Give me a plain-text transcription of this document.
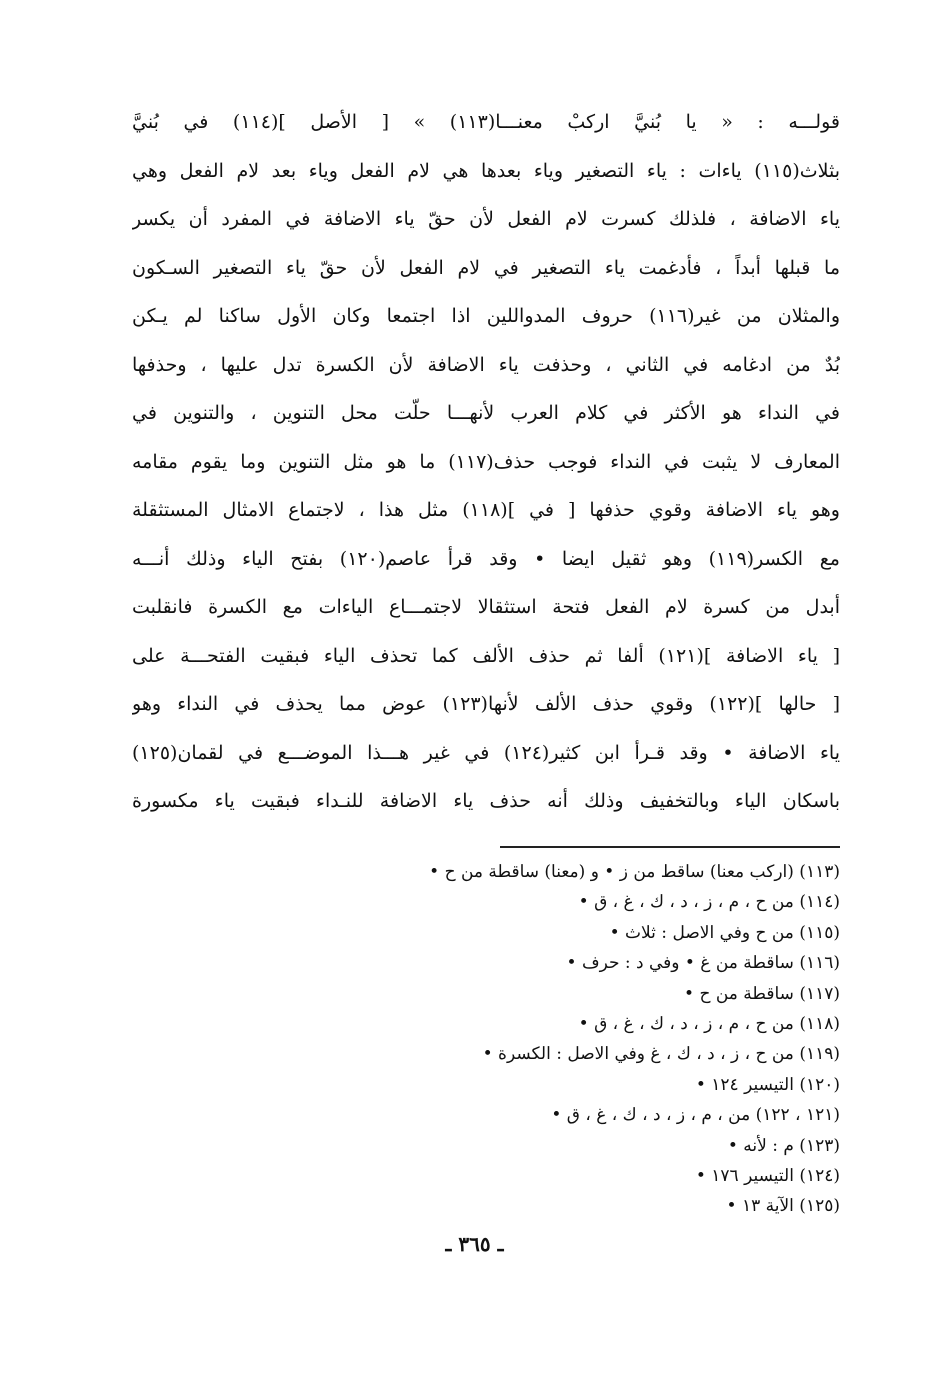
قولـــه : « يا بُنيَّ اركبْ معنـــا(١١٣) » [ الأصل ](١١٤) في بُنيَّ
بثلاث(١١٥) ياءات : ياء التصغير وياء بعدها هي لام الفعل وياء بعد لام الفعل وهي
ياء الاضافة ، فلذلك كسرت لام الفعل لأن حقّ ياء الاضافة في المفرد أن يكسر
ما قبلها أبداً ، فأدغمت ياء التصغير في لام الفعل لأن حقّ ياء التصغير السـكون
والمثلان من غير(١١٦) حروف المدواللين اذا اجتمعا وكان الأول ساكنا لم يـكن
بُدٌ من ادغامه في الثاني ، وحذفت ياء الاضافة لأن الكسرة تدل عليها ، وحذفها
في النداء هو الأكثر في كلام العرب لأنهـــا حلّت محل التنوين ، والتنوين في
المعارف لا يثبت في النداء فوجب حذف(١١٧) ما هو مثل التنوين وما يقوم مقامه
وهو ياء الاضافة وقوي حذفها [ في ](١١٨) مثل هذا ، لاجتماع الامثال المستثقلة
مع الكسر(١١٩) وهو ثقيل ايضا • وقد قرأ عاصم(١٢٠) بفتح الياء وذلك أنـــه
أبدل من كسرة لام الفعل فتحة استثقالا لاجتمـــاع الياءات مع الكسرة فانقلبت
[ ياء الاضافة ](١٢١) ألفا ثم حذف الألف كما تحذف الياء فبقيت الفتحـــة على
[ حالها ](١٢٢) وقوي حذف الألف لأنها(١٢٣) عوض مما يحذف في النداء وهو
ياء الاضافة • وقد قـرأ ابن كثير(١٢٤) في غير هـــذا الموضـــع في لقمان(١٢٥)
باسكان الياء وبالتخفيف وذلك أنه حذف ياء الاضافة للنـداء فبقيت ياء مكسورة
(١١٣) (اركب معنا) ساقط من ز • و (معنا) ساقطة من ح •
(١١٤) من ح ، م ، ز ، د ، ك ، غ ، ق •
(١١٥) من ح وفي الاصل : ثلاث •
(١١٦) ساقطة من غ • وفي د : حرف •
(١١٧) ساقطة من ح •
(١١٨) من ح ، م ، ز ، د ، ك ، غ ، ق •
(١١٩) من ح ، ز ، د ، ك ، غ وفي الاصل : الكسرة •
(١٢٠) التيسير ١٢٤ •
(١٢١ ، ١٢٢) من ، م ، ز ، د ، ك ، غ ، ق •
(١٢٣) م : لأنه •
(١٢٤) التيسير ١٧٦ •
(١٢٥) الآية ١٣ •
ـ ٣٦٥ ـ
